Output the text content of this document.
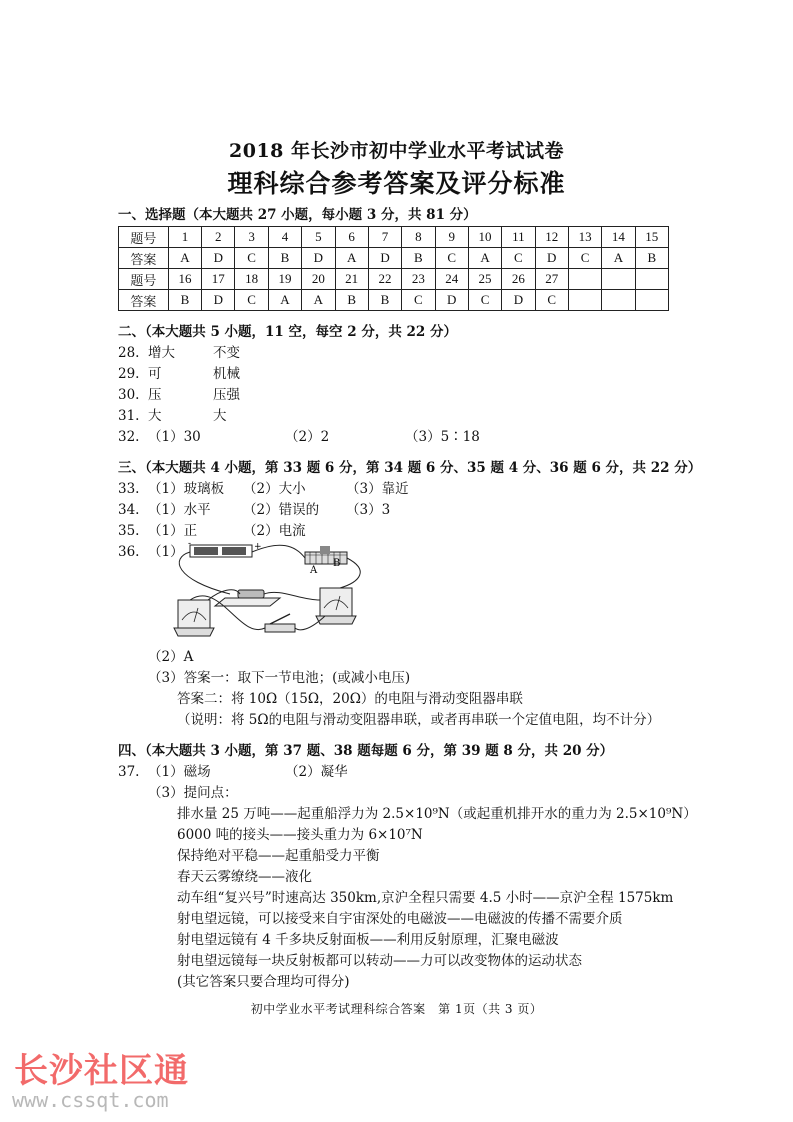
2018 年长沙市初中学业水平考试试卷
理科综合参考答案及评分标准
一、选择题（本大题共 27 小题，每小题 3 分，共 81 分）
题号	1	2	3	4	5	6	7	8	9	10	11	12	13	14	15
答案	A	D	C	B	D	A	D	B	C	A	C	D	C	A	B
题号	16	17	18	19	20	21	22	23	24	25	26	27			
答案	B	D	C	A	A	B	B	C	D	C	D	C			
二、（本大题共 5 小题，11 空，每空 2 分，共 22 分）
28. 增大	不变
29. 可	机械
30. 压	压强
31. 大	大
32. （1）30	（2）2	（3）5∶18
三、（本大题共 4 小题，第 33 题 6 分，第 34 题 6 分、35 题 4 分、36 题 6 分，共 22 分）
33. （1）玻璃板 （2）大小	（3）靠近
34. （1）水平 （2）错误的 （3）3
35. （1）正	（2）电流
36. （1） -	+
A
B
（2）A
（3）答案一：取下一节电池；(或减小电压)
答案二：将 10Ω（15Ω，20Ω）的电阻与滑动变阻器串联
（说明：将 5Ω的电阻与滑动变阻器串联，或者再串联一个定值电阻，均不计分）
四、（本大题共 3 小题，第 37 题、38 题每题 6 分，第 39 题 8 分，共 20 分）
37. （1）磁场	（2）凝华
（3）提问点：
排水量 25 万吨——起重船浮力为 2.5×10⁹N（或起重机排开水的重力为 2.5×10⁹N）
6000 吨的接头——接头重力为 6×10⁷N
保持绝对平稳——起重船受力平衡
春天云雾缭绕——液化
动车组“复兴号”时速高达 350km,京沪全程只需要 4.5 小时——京沪全程 1575km
射电望远镜，可以接受来自宇宙深处的电磁波——电磁波的传播不需要介质
射电望远镜有 4 千多块反射面板——利用反射原理，汇聚电磁波
射电望远镜每一块反射板都可以转动——力可以改变物体的运动状态
(其它答案只要合理均可得分)
初中学业水平考试理科综合答案　第 1页（共 3 页）
长沙社区通
www.cssqt.com
